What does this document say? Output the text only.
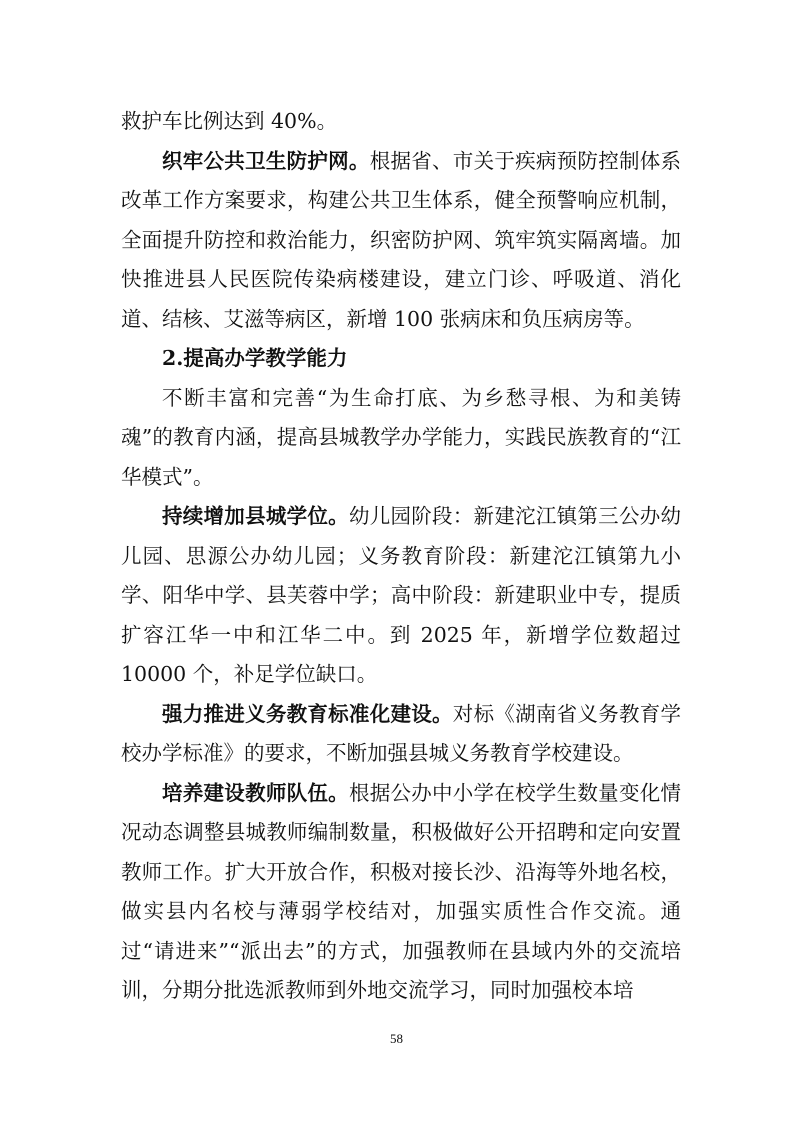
救护车比例达到 40%。

织牢公共卫生防护网。根据省、市关于疾病预防控制体系改革工作方案要求，构建公共卫生体系，健全预警响应机制，全面提升防控和救治能力，织密防护网、筑牢筑实隔离墙。加快推进县人民医院传染病楼建设，建立门诊、呼吸道、消化道、结核、艾滋等病区，新增 100 张病床和负压病房等。

2.提高办学教学能力

不断丰富和完善“为生命打底、为乡愁寻根、为和美铸魂”的教育内涵，提高县城教学办学能力，实践民族教育的“江华模式”。

持续增加县城学位。幼儿园阶段：新建沱江镇第三公办幼儿园、思源公办幼儿园；义务教育阶段：新建沱江镇第九小学、阳华中学、县芙蓉中学；高中阶段：新建职业中专，提质扩容江华一中和江华二中。到 2025 年，新增学位数超过 10000 个，补足学位缺口。

强力推进义务教育标准化建设。对标《湖南省义务教育学校办学标准》的要求，不断加强县城义务教育学校建设。

培养建设教师队伍。根据公办中小学在校学生数量变化情况动态调整县城教师编制数量，积极做好公开招聘和定向安置教师工作。扩大开放合作，积极对接长沙、沿海等外地名校，做实县内名校与薄弱学校结对，加强实质性合作交流。通过“请进来”“派出去”的方式，加强教师在县域内外的交流培训，分期分批选派教师到外地交流学习，同时加强校本培

58
